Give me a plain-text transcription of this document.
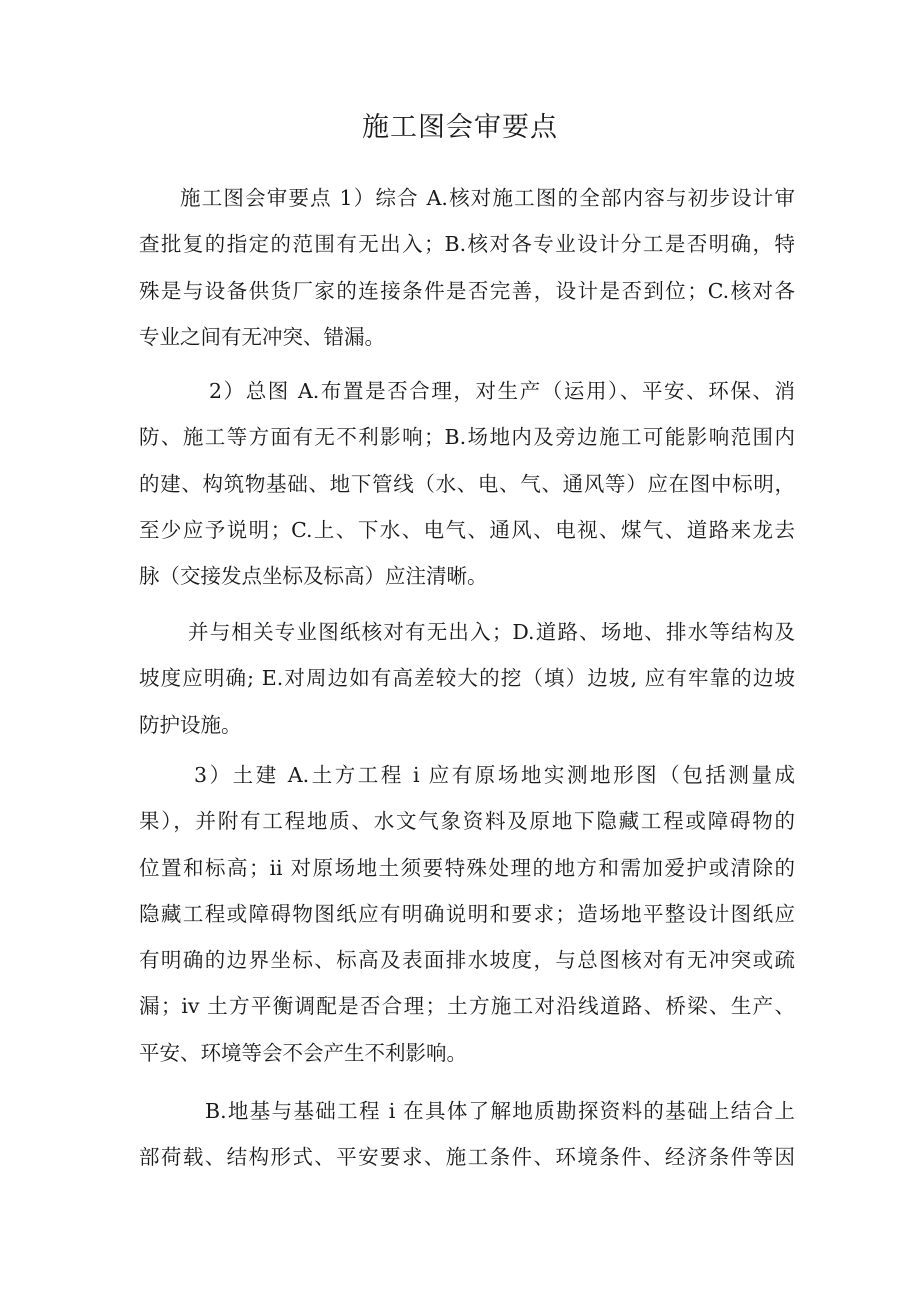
施工图会审要点
施工图会审要点 1）综合 A.核对施工图的全部内容与初步设计审
查批复的指定的范围有无出入；B.核对各专业设计分工是否明确，特
殊是与设备供货厂家的连接条件是否完善，设计是否到位；C.核对各
专业之间有无冲突、错漏。
2）总图 A.布置是否合理，对生产（运用）、平安、环保、消
防、施工等方面有无不利影响；B.场地内及旁边施工可能影响范围内
的建、构筑物基础、地下管线（水、电、气、通风等）应在图中标明，
至少应予说明；C.上、下水、电气、通风、电视、煤气、道路来龙去
脉（交接发点坐标及标高）应注清晰。
并与相关专业图纸核对有无出入；D.道路、场地、排水等结构及
坡度应明确; E.对周边如有高差较大的挖（填）边坡, 应有牢靠的边坡
防护设施。
3）土建 A.土方工程 i 应有原场地实测地形图（包括测量成
果），并附有工程地质、水文气象资料及原地下隐藏工程或障碍物的
位置和标高；ii 对原场地土须要特殊处理的地方和需加爱护或清除的
隐藏工程或障碍物图纸应有明确说明和要求；造场地平整设计图纸应
有明确的边界坐标、标高及表面排水坡度，与总图核对有无冲突或疏
漏；iv 土方平衡调配是否合理；土方施工对沿线道路、桥梁、生产、
平安、环境等会不会产生不利影响。
B.地基与基础工程 i 在具体了解地质勘探资料的基础上结合上
部荷载、结构形式、平安要求、施工条件、环境条件、经济条件等因
